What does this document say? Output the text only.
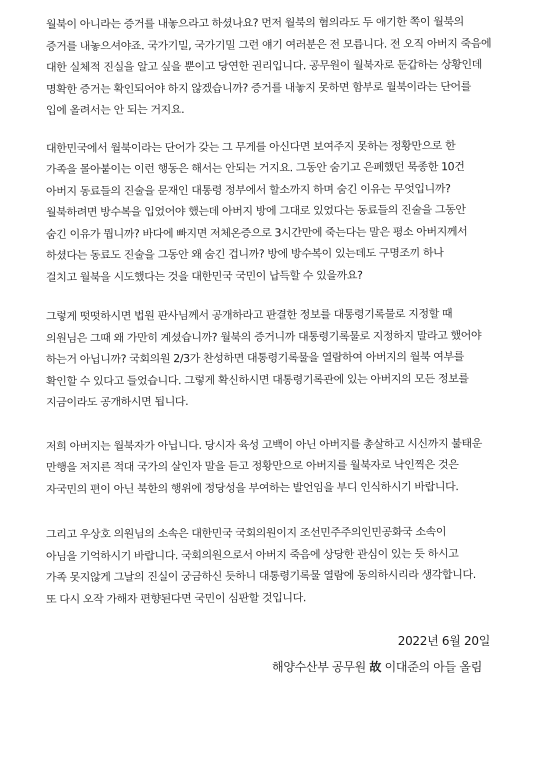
월북이 아니라는 증거를 내놓으라고 하셨나요? 먼저 월북의 혐의라도 두 애기한 쪽이 월북의
증거를 내놓으셔야죠. 국가기밀, 국가기밀 그런 얘기 여러분은 전 모릅니다. 전 오직 아버지 죽음에
대한 실체적 진실을 알고 싶을 뿐이고 당연한 권리입니다. 공무원이 월북자로 둔갑하는 상황인데
명확한 증거는 확인되어야 하지 않겠습니까? 증거를 내놓지 못하면 함부로 월북이라는 단어를
입에 올려서는 안 되는 거지요.
대한민국에서 월북이라는 단어가 갖는 그 무게를 아신다면 보여주지 못하는 정황만으로 한
가족을 몰아붙이는 이런 행동은 해서는 안되는 거지요. 그동안 숨기고 은폐했던 묵종한 10건
아버지 동료들의 진술을 문재인 대통령 정부에서 할소까지 하며 숨긴 이유는 무엇입니까?
월북하려면 방수복을 입었어야 했는데 아버지 방에 그대로 있었다는 동료들의 진술을 그동안
숨긴 이유가 뭡니까? 바다에 빠지면 저체온증으로 3시간만에 죽는다는 말은 평소 아버지께서
하셨다는 동료도 진술을 그동안 왜 숨긴 겁니까? 방에 방수복이 있는데도 구명조끼 하나
걸치고 월북을 시도했다는 것을 대한민국 국민이 납득할 수 있을까요?
그렇게 떳떳하시면 법원 판사님께서 공개하라고 판결한 정보를 대통령기록물로 지정할 때
의원님은 그때 왜 가만히 계셨습니까? 월북의 증거니까 대통령기록물로 지정하지 말라고 했어야
하는거 아닙니까? 국회의원 2/3가 찬성하면 대통령기록물을 열람하여 아버지의 월북 여부를
확인할 수 있다고 들었습니다. 그렇게 확신하시면 대통령기록관에 있는 아버지의 모든 정보를
지금이라도 공개하시면 됩니다.
저희 아버지는 월북자가 아닙니다. 당시자 육성 고백이 아닌 아버지를 총살하고 시신까지 불태운
만행을 저지른 적대 국가의 살인자 말을 듣고 정황만으로 아버지를 월북자로 낙인찍은 것은
자국민의 편이 아닌 북한의 행위에 정당성을 부여하는 발언임을 부디 인식하시기 바랍니다.
그리고 우상호 의원님의 소속은 대한민국 국회의원이지 조선민주주의인민공화국 소속이
아님을 기억하시기 바랍니다. 국회의원으로서 아버지 죽음에 상당한 관심이 있는 듯 하시고
가족 못지않게 그날의 진실이 궁금하신 듯하니 대통령기록물 열람에 동의하시리라 생각합니다.
또 다시 오작 가해자 편향된다면 국민이 심판할 것입니다.
2022년 6월 20일
해양수산부 공무원 故 이대준의 아들 올림
